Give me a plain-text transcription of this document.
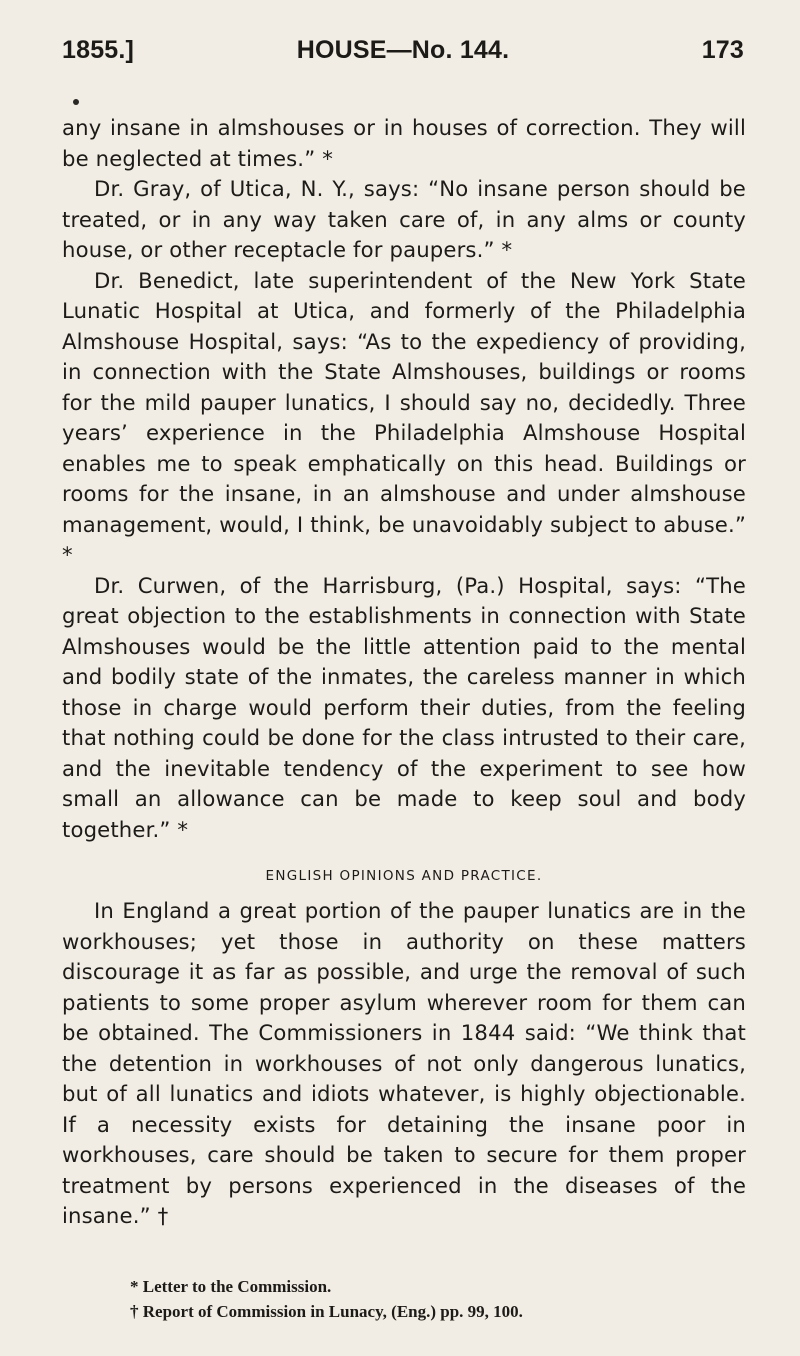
1855.]	HOUSE—No. 144.	173

any insane in almshouses or in houses of correction. They will be neglected at times.” *

Dr. Gray, of Utica, N. Y., says: “No insane person should be treated, or in any way taken care of, in any alms or county house, or other receptacle for paupers.” *

Dr. Benedict, late superintendent of the New York State Lunatic Hospital at Utica, and formerly of the Philadelphia Almshouse Hospital, says: “As to the expediency of providing, in connection with the State Almshouses, buildings or rooms for the mild pauper lunatics, I should say no, decidedly. Three years’ experience in the Philadelphia Almshouse Hospital enables me to speak emphatically on this head. Buildings or rooms for the insane, in an almshouse and under almshouse management, would, I think, be unavoidably subject to abuse.” *

Dr. Curwen, of the Harrisburg, (Pa.) Hospital, says: “The great objection to the establishments in connection with State Almshouses would be the little attention paid to the mental and bodily state of the inmates, the careless manner in which those in charge would perform their duties, from the feeling that nothing could be done for the class intrusted to their care, and the inevitable tendency of the experiment to see how small an allowance can be made to keep soul and body together.” *

ENGLISH OPINIONS AND PRACTICE.

In England a great portion of the pauper lunatics are in the workhouses; yet those in authority on these matters discourage it as far as possible, and urge the removal of such patients to some proper asylum wherever room for them can be obtained. The Commissioners in 1844 said: “We think that the detention in workhouses of not only dangerous lunatics, but of all lunatics and idiots whatever, is highly objectionable. If a necessity exists for detaining the insane poor in workhouses, care should be taken to secure for them proper treatment by persons experienced in the diseases of the insane.” †

* Letter to the Commission.
† Report of Commission in Lunacy, (Eng.) pp. 99, 100.
